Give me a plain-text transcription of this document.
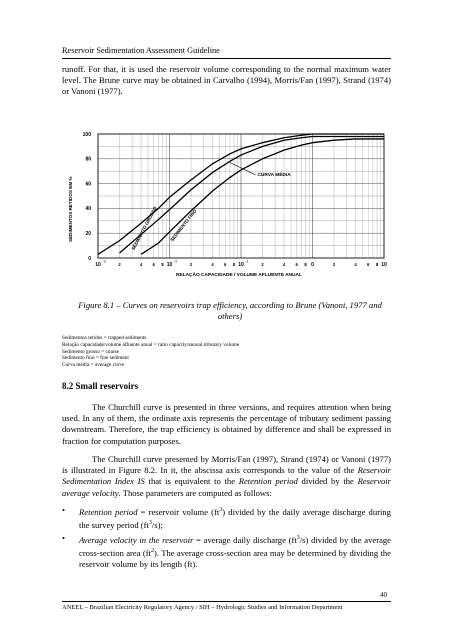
Reservoir Sedimentation Assessment Guideline
runoff. For that, it is used the reservoir volume corresponding to the normal maximum water level. The Brune curve may be obtained in Carvalho (1994), Morris/Fan (1997), Strand (1974) or Vanoni (1977).
0
20
40
60
80
100
10
-3
10
-2
10
-1
0	10
2	4 6 8	2	4 6 8	2	4 6 8	2	4 6 8
SEDIMENTO GROSSO SEDIMENTO FINO
CURVA MÉDIA
SEDIMENTOS RETIDOS EM %
RELAÇÃO CAPACIDADE / VOLUME AFLUENTE ANUAL
Figure 8.1 – Curves on reservoirs trap efficiency, according to Brune (Vanoni, 1977 and others)
Sedimentos retidos = trapped sediments
Relação capacidade/volume afluente anual = ratio capacity/annual tributary volume
Sedimento grosso = coarse
Sedimento fino = fine sediment
Curva média = average curve
8.2 Small reservoirs
The Churchill curve is presented in three versions, and requires attention when being used. In any of them, the ordinate axis represents the percentage of tributary sediment passing downstream. Therefore, the trap efficiency is obtained by difference and shall be expressed in fraction for computation purposes.
The Churchill curve presented by Morris/Fan (1997), Strand (1974) or Vanoni (1977) is illustrated in Figure 8.2. In it, the abscissa axis corresponds to the value of the Reservoir Sedimentation Index IS that is equivalent to the Retention period divided by the Reservoir average velocity. Those parameters are computed as follows:
• Retention period = reservoir volume $(ft^3)$ divided by the daily average discharge during the survey period $(ft^3/s)$;
• Average velocity in the reservoir = average daily discharge $(ft^3/s)$ divided by the average cross-section area $(ft^2)$. The average cross-section area may be determined by dividing the reservoir volume by its length (ft).
40
ANEEL – Brazilian Electricity Regulatory Agency / SIH – Hydrologic Studies and Information Department
